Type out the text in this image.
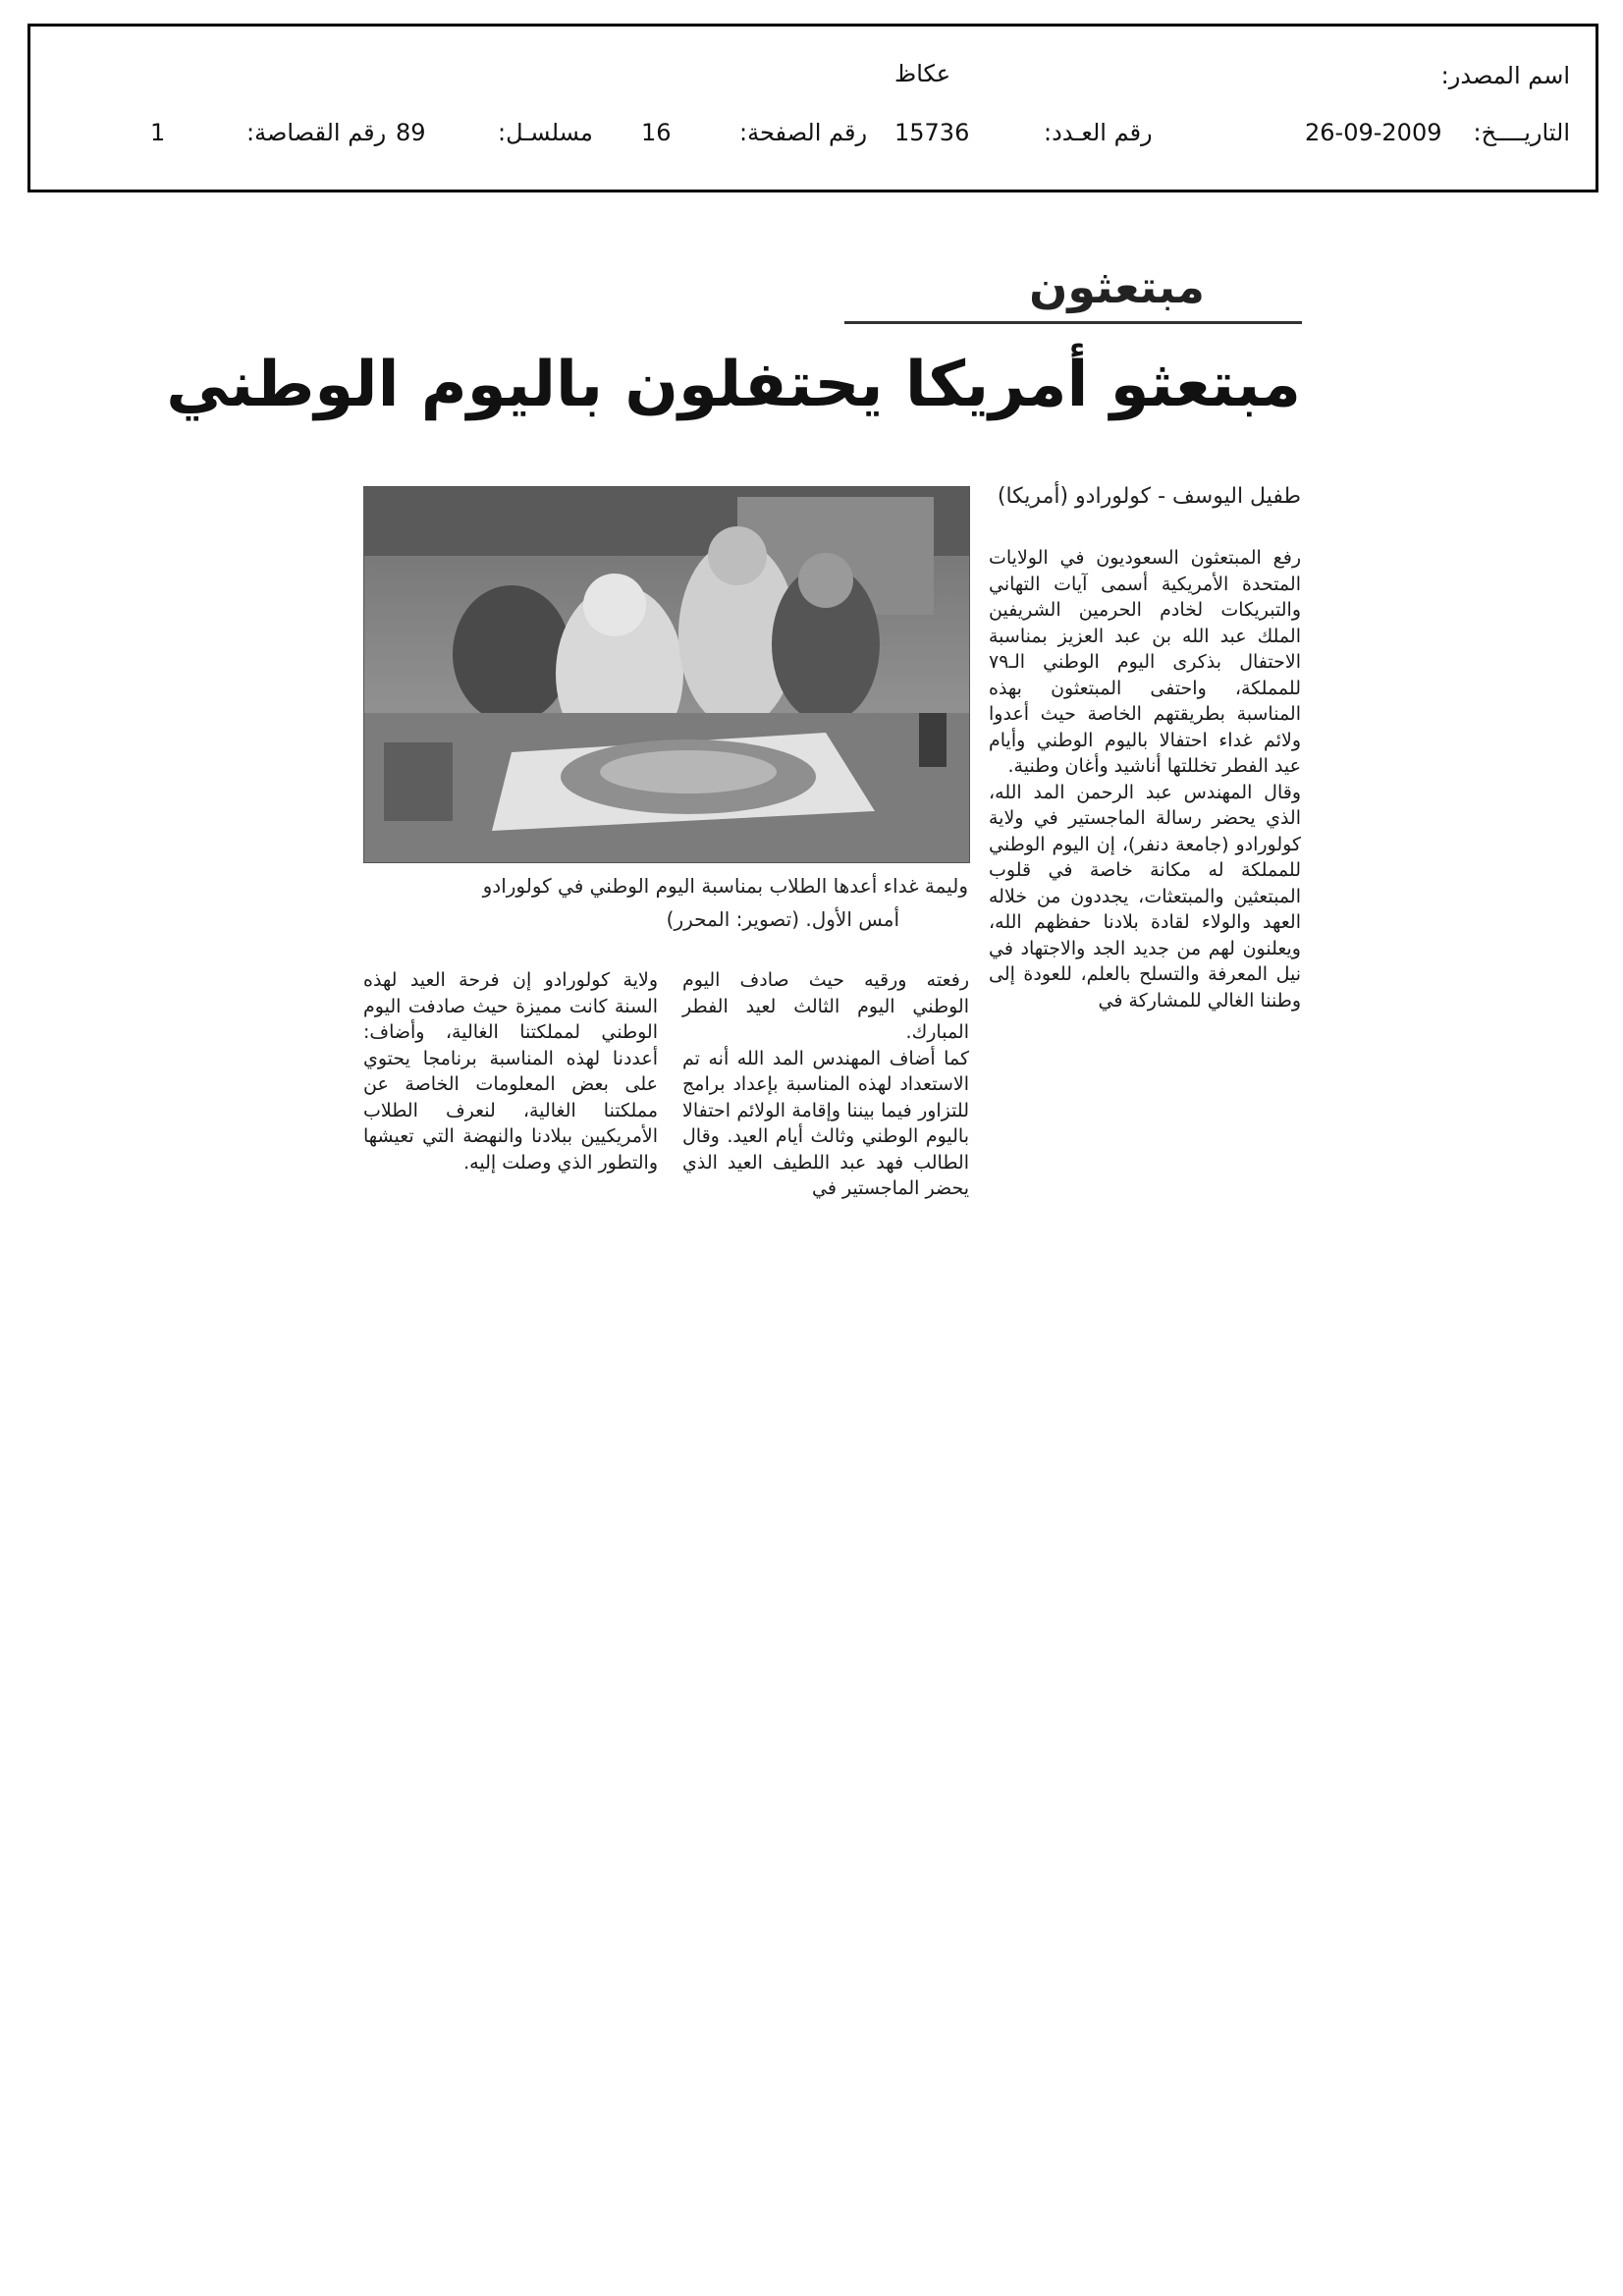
اسم المصدر:
عكاظ
التاريــــخ:
26-09-2009
رقم العـدد:
15736
رقم الصفحة:
16
مسلسـل:
89
رقم القصاصة:
1
مبتعثون
مبتعثو أمريكا يحتفلون باليوم الوطني
وليمة غداء أعدها الطلاب بمناسبة اليوم الوطني في كولورادو
أمس الأول. (تصوير: المحرر)
طفيل اليوسف - كولورادو (أمريكا)

رفع المبتعثون السعوديون في الولايات المتحدة الأمريكية أسمى آيات التهاني والتبريكات لخادم الحرمين الشريفين الملك عبد الله بن عبد العزيز بمناسبة الاحتفال بذكرى اليوم الوطني الـ٧٩ للمملكة، واحتفى المبتعثون بهذه المناسبة بطريقتهم الخاصة حيث أعدوا ولائم غداء احتفالا باليوم الوطني وأيام عيد الفطر تخللتها أناشيد وأغان وطنية.

وقال المهندس عبد الرحمن المد الله، الذي يحضر رسالة الماجستير في ولاية كولورادو (جامعة دنفر)، إن اليوم الوطني للمملكة له مكانة خاصة في قلوب المبتعثين والمبتعثات، يجددون من خلاله العهد والولاء لقادة بلادنا حفظهم الله، ويعلنون لهم من جديد الجد والاجتهاد في نيل المعرفة والتسلح بالعلم، للعودة إلى وطننا الغالي للمشاركة في

رفعته ورقيه حيث صادف اليوم الوطني اليوم الثالث لعيد الفطر المبارك.

كما أضاف المهندس المد الله أنه تم الاستعداد لهذه المناسبة بإعداد برامج للتزاور فيما بيننا وإقامة الولائم احتفالا باليوم الوطني وثالث أيام العيد. وقال الطالب فهد عبد اللطيف العيد الذي يحضر الماجستير في

ولاية كولورادو إن فرحة العيد لهذه السنة كانت مميزة حيث صادفت اليوم الوطني لمملكتنا الغالية، وأضاف: أعددنا لهذه المناسبة برنامجا يحتوي على بعض المعلومات الخاصة عن مملكتنا الغالية، لنعرف الطلاب الأمريكيين ببلادنا والنهضة التي تعيشها والتطور الذي وصلت إليه.
